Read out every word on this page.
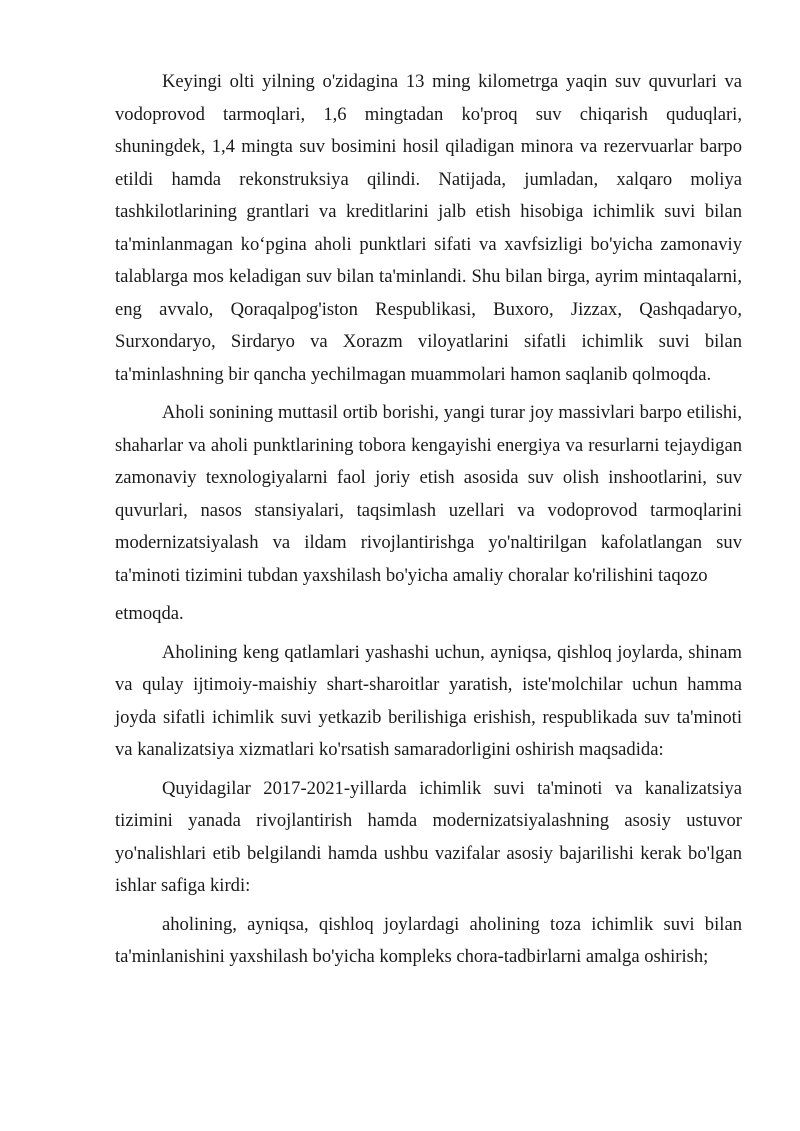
Keyingi olti yilning o'zidagina 13 ming kilometrga yaqin suv quvurlari va vodoprovod tarmoqlari, 1,6 mingtadan ko'proq suv chiqarish quduqlari, shuningdek, 1,4 mingta suv bosimini hosil qiladigan minora va rezervuarlar barpo etildi hamda rekonstruksiya qilindi. Natijada, jumladan, xalqaro moliya tashkilotlarining grantlari va kreditlarini jalb etish hisobiga ichimlik suvi bilan ta'minlanmagan ko‘pgina aholi punktlari sifati va xavfsizligi bo'yicha zamonaviy talablarga mos keladigan suv bilan ta'minlandi. Shu bilan birga, ayrim mintaqalarni, eng avvalo, Qoraqalpog'iston Respublikasi, Buxoro, Jizzax, Qashqadaryo, Surxondaryo, Sirdaryo va Xorazm viloyatlarini sifatli ichimlik suvi bilan ta'minlashning bir qancha yechilmagan muammolari hamon saqlanib qolmoqda.

Aholi sonining muttasil ortib borishi, yangi turar joy massivlari barpo etilishi, shaharlar va aholi punktlarining tobora kengayishi energiya va resurlarni tejaydigan zamonaviy texnologiyalarni faol joriy etish asosida suv olish inshootlarini, suv quvurlari, nasos stansiyalari, taqsimlash uzellari va vodoprovod tarmoqlarini modernizatsiyalash va ildam rivojlantirishga yo'naltirilgan kafolatlangan suv ta'minoti tizimini tubdan yaxshilash bo'yicha amaliy choralar ko'rilishini taqozo

etmoqda.

Aholining keng qatlamlari yashashi uchun, ayniqsa, qishloq joylarda, shinam va qulay ijtimoiy-maishiy shart-sharoitlar yaratish, iste'molchilar uchun hamma joyda sifatli ichimlik suvi yetkazib berilishiga erishish, respublikada suv ta'minoti va kanalizatsiya xizmatlari ko'rsatish samaradorligini oshirish maqsadida:

Quyidagilar 2017-2021-yillarda ichimlik suvi ta'minoti va kanalizatsiya tizimini yanada rivojlantirish hamda modernizatsiyalashning asosiy ustuvor yo'nalishlari etib belgilandi hamda ushbu vazifalar asosiy bajarilishi kerak bo'lgan ishlar safiga kirdi:

aholining, ayniqsa, qishloq joylardagi aholining toza ichimlik suvi bilan ta'minlanishini yaxshilash bo'yicha kompleks chora-tadbirlarni amalga oshirish;
